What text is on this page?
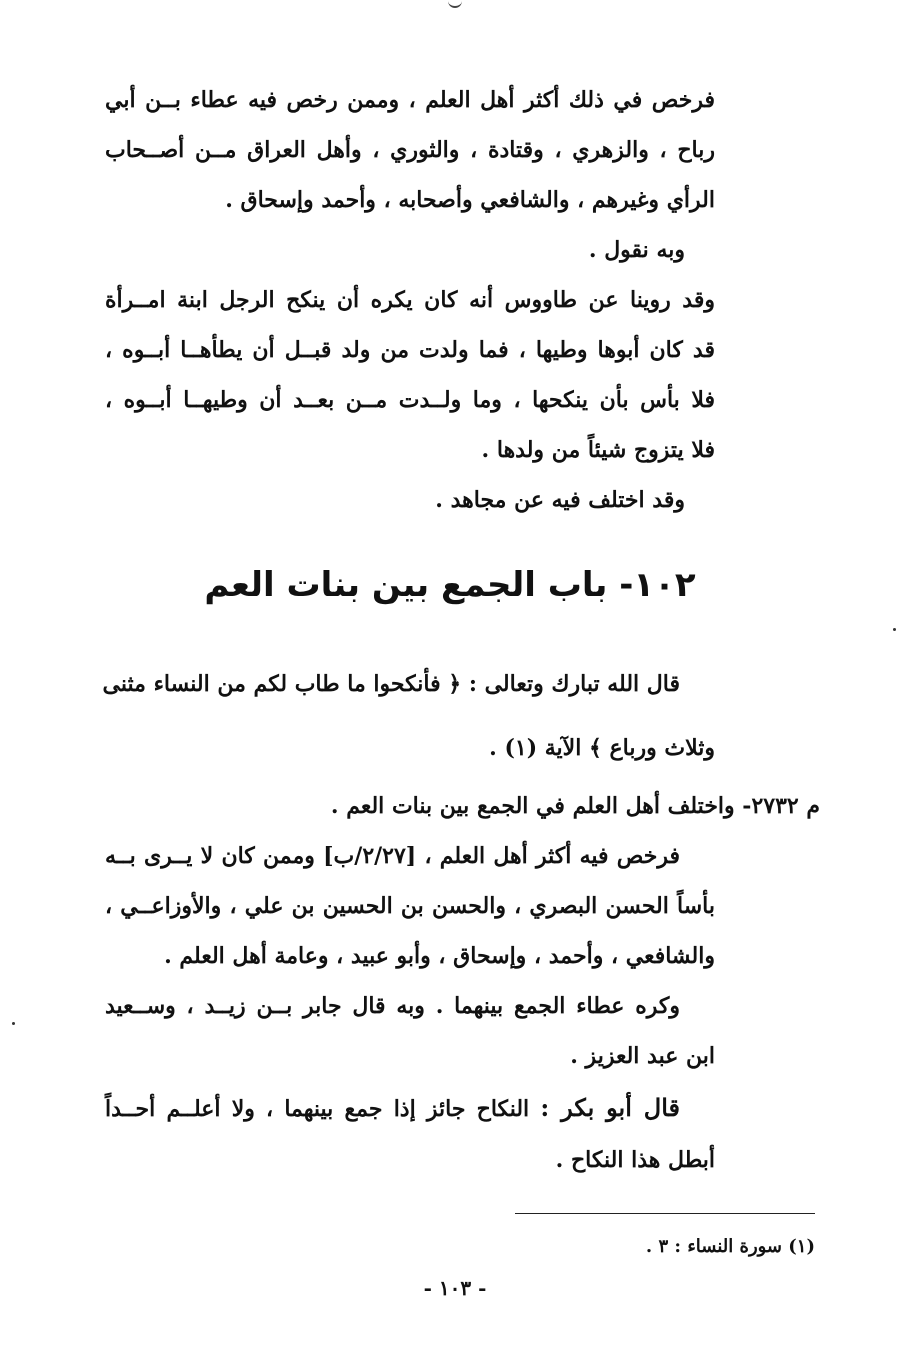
فرخص في ذلك أكثر أهل العلم ، وممن رخص فيه عطاء بــن أبي
رباح ، والزهري ، وقتادة ، والثوري ، وأهل العراق مــن أصــحاب
الرأي وغيرهم ، والشافعي وأصحابه ، وأحمد وإسحاق .
وبه نقول .
وقد روينا عن طاووس أنه كان يكره أن ينكح الرجل ابنة امــرأة
قد كان أبوها وطيها ، فما ولدت من ولد قبــل أن يطأهــا أبــوه ،
فلا بأس بأن ينكحها ، وما ولــدت مــن بعــد أن وطيهــا أبــوه ،
فلا يتزوج شيئاً من ولدها .
وقد اختلف فيه عن مجاهد .
١٠٢- باب الجمع بين بنات العم
قال الله تبارك وتعالى : ﴿ فأنكحوا ما طاب لكم من النساء مثنى
وثلاث ورباع ﴾ الآية (١) .
م ٢٧٣٢- واختلف أهل العلم في الجمع بين بنات العم .
فرخص فيه أكثر أهل العلم ، [٢/٢٧/ب] وممن كان لا يــرى بــه
بأساً الحسن البصري ، والحسن بن الحسين بن علي ، والأوزاعــي ،
والشافعي ، وأحمد ، وإسحاق ، وأبو عبيد ، وعامة أهل العلم .
وكره عطاء الجمع بينهما . وبه قال جابر بــن زيــد ، وســعيد
ابن عبد العزيز .
قال أبو بكر : النكاح جائز إذا جمع بينهما ، ولا أعلــم أحــداً
أبطل هذا النكاح .
(١) سورة النساء : ٣ .
- ١٠٣ -
